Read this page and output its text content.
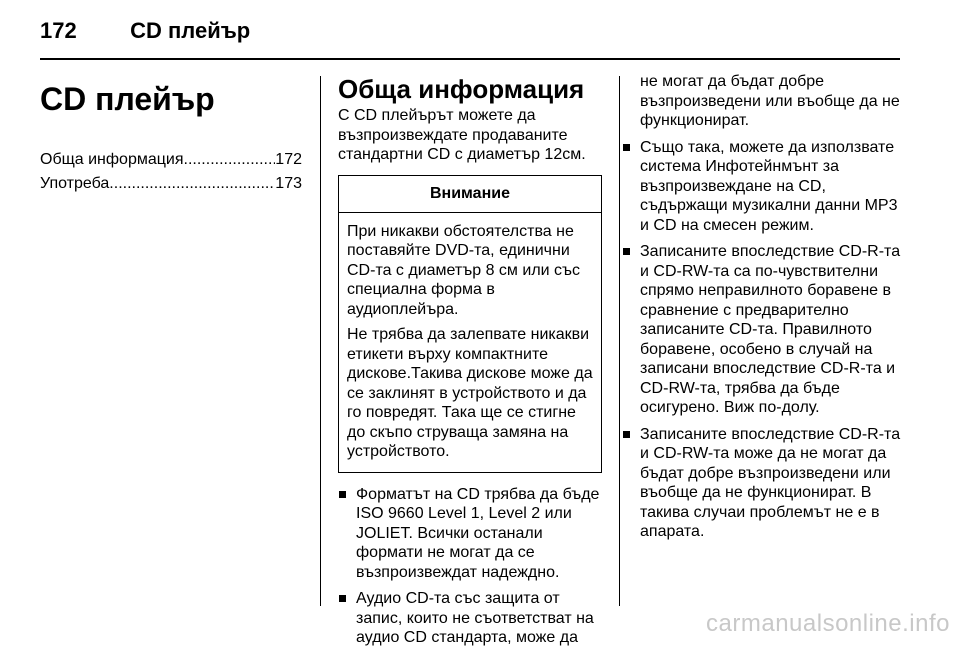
172 CD плейър
CD плейър
Обща информация .....	172
Употреба .....	173
Обща информация

С CD плейърът можете да възпроизвеждате продаваните стандартни CD с диаметър 12см.

Внимание

При никакви обстоятелства не поставяйте DVD-та, единични CD-та с диаметър 8 см или със специална форма в аудиоплейъра.

Не трябва да залепвате никакви етикети върху компактните дискове.Такива дискове може да се заклинят в устройството и да го повредят. Така ще се стигне до скъпо струваща замяна на устройството.

Форматът на CD трябва да бъде ISO 9660 Level 1, Level 2 или JOLIET. Всички останали формати не могат да се възпроизвеждат надеждно.
Аудио CD-та със защита от запис, които не съответстват на аудио CD стандарта, може да
не могат да бъдат добре възпроизведени или въобще да не функционират.
Също така, можете да използвате система Инфотейнмънт за възпроизвеждане на CD, съдържащи музикални данни MP3 и CD на смесен режим.
Записаните впоследствие CD-R-та и CD-RW-та са по-чувствителни спрямо неправилното боравене в сравнение с предварително записаните CD-та. Правилното боравене, особено в случай на записани впоследствие CD-R-та и CD-RW-та, трябва да бъде осигурено. Виж по-долу.
Записаните впоследствие CD-R-та и CD-RW-та може да не могат да бъдат добре възпроизведени или въобще да не функционират. В такива случаи проблемът не е в апарата.
carmanualsonline.info
